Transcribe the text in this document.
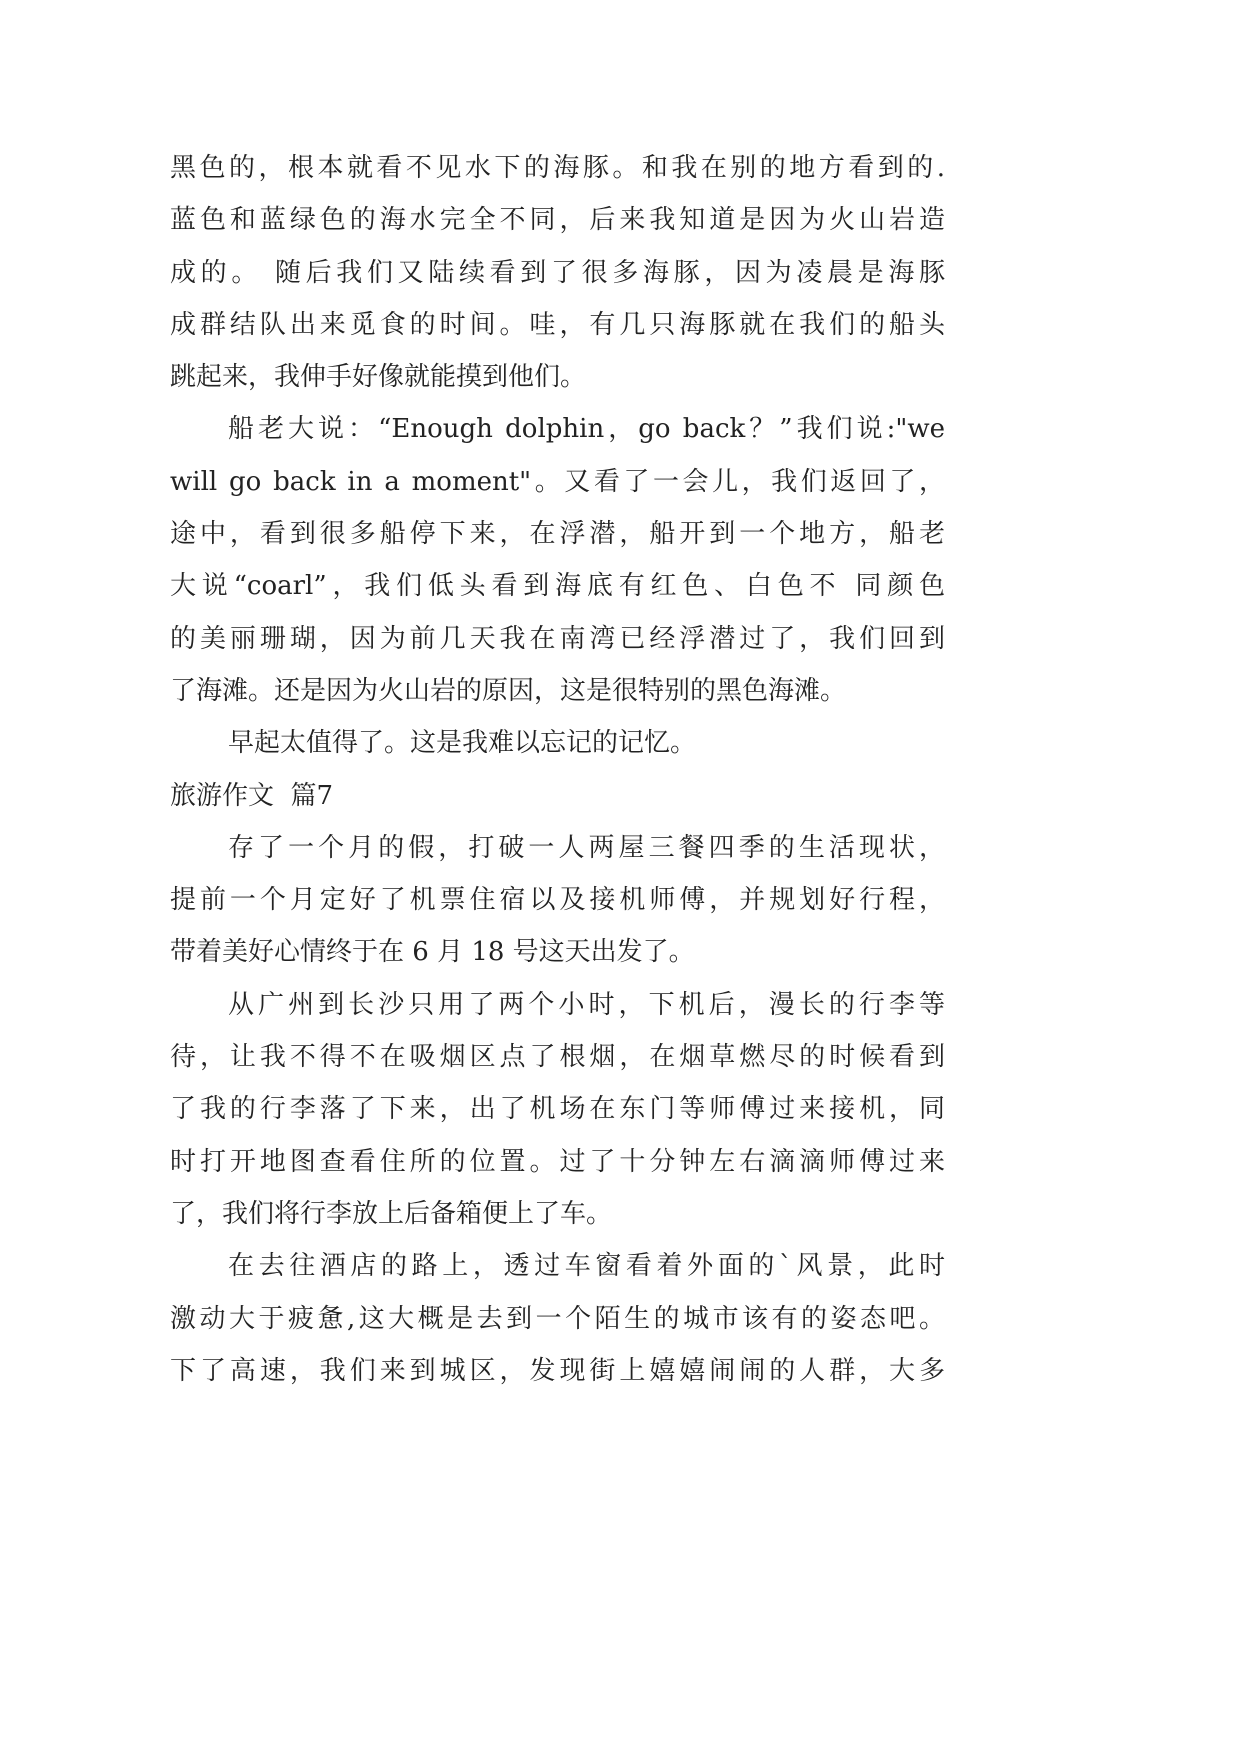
黑色的，根本就看不见水下的海豚。和我在别的地方看到的.
蓝色和蓝绿色的海水完全不同，后来我知道是因为火山岩造
成的。 随后我们又陆续看到了很多海豚，因为凌晨是海豚
成群结队出来觅食的时间。哇，有几只海豚就在我们的船头
跳起来，我伸手好像就能摸到他们。
船老大说：“Enough dolphin，go back？”我们说:"we
will go back in a moment"。又看了一会儿，我们返回了，
途中，看到很多船停下来，在浮潜，船开到一个地方，船老
大说“coarl”，我们低头看到海底有红色、白色不 同颜色
的美丽珊瑚，因为前几天我在南湾已经浮潜过了，我们回到
了海滩。还是因为火山岩的原因，这是很特别的黑色海滩。
早起太值得了。这是我难以忘记的记忆。
旅游作文  篇7
存了一个月的假，打破一人两屋三餐四季的生活现状，
提前一个月定好了机票住宿以及接机师傅，并规划好行程，
带着美好心情终于在 6 月 18 号这天出发了。
从广州到长沙只用了两个小时，下机后，漫长的行李等
待，让我不得不在吸烟区点了根烟，在烟草燃尽的时候看到
了我的行李落了下来，出了机场在东门等师傅过来接机，同
时打开地图查看住所的位置。过了十分钟左右滴滴师傅过来
了，我们将行李放上后备箱便上了车。
在去往酒店的路上，透过车窗看着外面的`风景，此时
激动大于疲惫,这大概是去到一个陌生的城市该有的姿态吧。
下了高速，我们来到城区，发现街上嬉嬉闹闹的人群，大多
